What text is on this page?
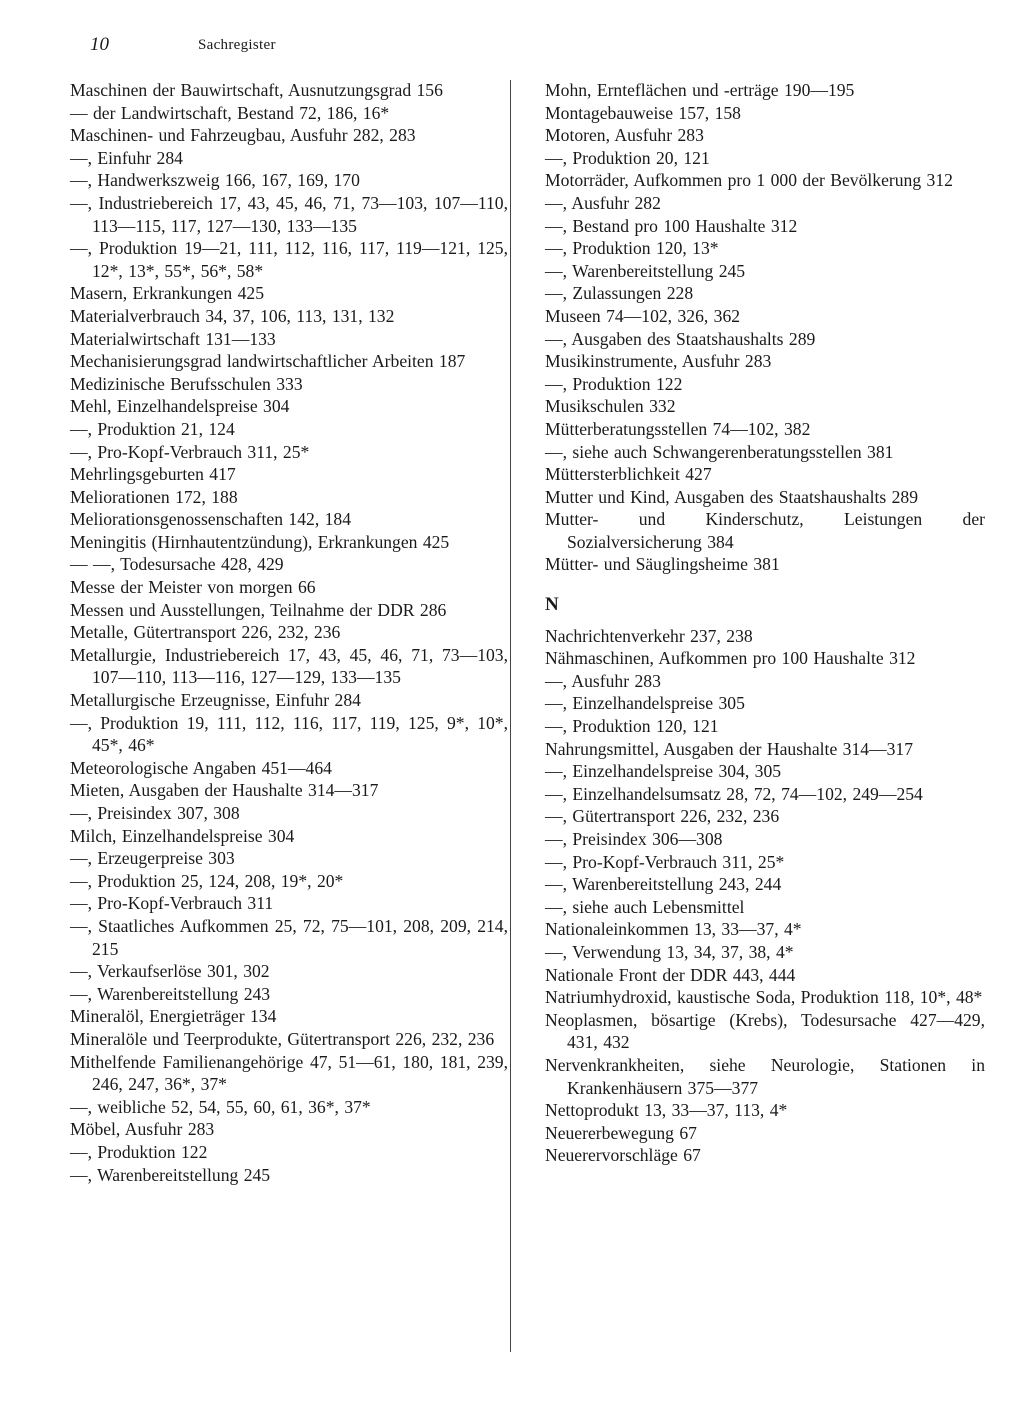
10	Sachregister
Maschinen der Bauwirtschaft, Ausnutzungsgrad 156
— der Landwirtschaft, Bestand 72, 186, 16*
Maschinen- und Fahrzeugbau, Ausfuhr 282, 283
—, Einfuhr 284
—, Handwerkszweig 166, 167, 169, 170
—, Industriebereich 17, 43, 45, 46, 71, 73—103, 107—110, 113—115, 117, 127—130, 133—135
—, Produktion 19—21, 111, 112, 116, 117, 119—121, 125, 12*, 13*, 55*, 56*, 58*
Masern, Erkrankungen 425
Materialverbrauch 34, 37, 106, 113, 131, 132
Materialwirtschaft 131—133
Mechanisierungsgrad landwirtschaftlicher Arbeiten 187
Medizinische Berufsschulen 333
Mehl, Einzelhandelspreise 304
—, Produktion 21, 124
—, Pro-Kopf-Verbrauch 311, 25*
Mehrlingsgeburten 417
Meliorationen 172, 188
Meliorationsgenossenschaften 142, 184
Meningitis (Hirnhautentzündung), Erkrankungen 425
— —, Todesursache 428, 429
Messe der Meister von morgen 66
Messen und Ausstellungen, Teilnahme der DDR 286
Metalle, Gütertransport 226, 232, 236
Metallurgie, Industriebereich 17, 43, 45, 46, 71, 73—103, 107—110, 113—116, 127—129, 133—135
Metallurgische Erzeugnisse, Einfuhr 284
—, Produktion 19, 111, 112, 116, 117, 119, 125, 9*, 10*, 45*, 46*
Meteorologische Angaben 451—464
Mieten, Ausgaben der Haushalte 314—317
—, Preisindex 307, 308
Milch, Einzelhandelspreise 304
—, Erzeugerpreise 303
—, Produktion 25, 124, 208, 19*, 20*
—, Pro-Kopf-Verbrauch 311
—, Staatliches Aufkommen 25, 72, 75—101, 208, 209, 214, 215
—, Verkaufserlöse 301, 302
—, Warenbereitstellung 243
Mineralöl, Energieträger 134
Mineralöle und Teerprodukte, Gütertransport 226, 232, 236
Mithelfende Familienangehörige 47, 51—61, 180, 181, 239, 246, 247, 36*, 37*
—, weibliche 52, 54, 55, 60, 61, 36*, 37*
Möbel, Ausfuhr 283
—, Produktion 122
—, Warenbereitstellung 245
Mohn, Ernteflächen und -erträge 190—195
Montagebauweise 157, 158
Motoren, Ausfuhr 283
—, Produktion 20, 121
Motorräder, Aufkommen pro 1 000 der Bevölkerung 312
—, Ausfuhr 282
—, Bestand pro 100 Haushalte 312
—, Produktion 120, 13*
—, Warenbereitstellung 245
—, Zulassungen 228
Museen 74—102, 326, 362
—, Ausgaben des Staatshaushalts 289
Musikinstrumente, Ausfuhr 283
—, Produktion 122
Musikschulen 332
Mütterberatungsstellen 74—102, 382
—, siehe auch Schwangerenberatungsstellen 381
Müttersterblichkeit 427
Mutter und Kind, Ausgaben des Staatshaushalts 289
Mutter- und Kinderschutz, Leistungen der Sozialversicherung 384
Mütter- und Säuglingsheime 381
N
Nachrichtenverkehr 237, 238
Nähmaschinen, Aufkommen pro 100 Haushalte 312
—, Ausfuhr 283
—, Einzelhandelspreise 305
—, Produktion 120, 121
Nahrungsmittel, Ausgaben der Haushalte 314—317
—, Einzelhandelspreise 304, 305
—, Einzelhandelsumsatz 28, 72, 74—102, 249—254
—, Gütertransport 226, 232, 236
—, Preisindex 306—308
—, Pro-Kopf-Verbrauch 311, 25*
—, Warenbereitstellung 243, 244
—, siehe auch Lebensmittel
Nationaleinkommen 13, 33—37, 4*
—, Verwendung 13, 34, 37, 38, 4*
Nationale Front der DDR 443, 444
Natriumhydroxid, kaustische Soda, Produktion 118, 10*, 48*
Neoplasmen, bösartige (Krebs), Todesursache 427—429, 431, 432
Nervenkrankheiten, siehe Neurologie, Stationen in Krankenhäusern 375—377
Nettoprodukt 13, 33—37, 113, 4*
Neuererbewegung 67
Neuerervorschläge 67
